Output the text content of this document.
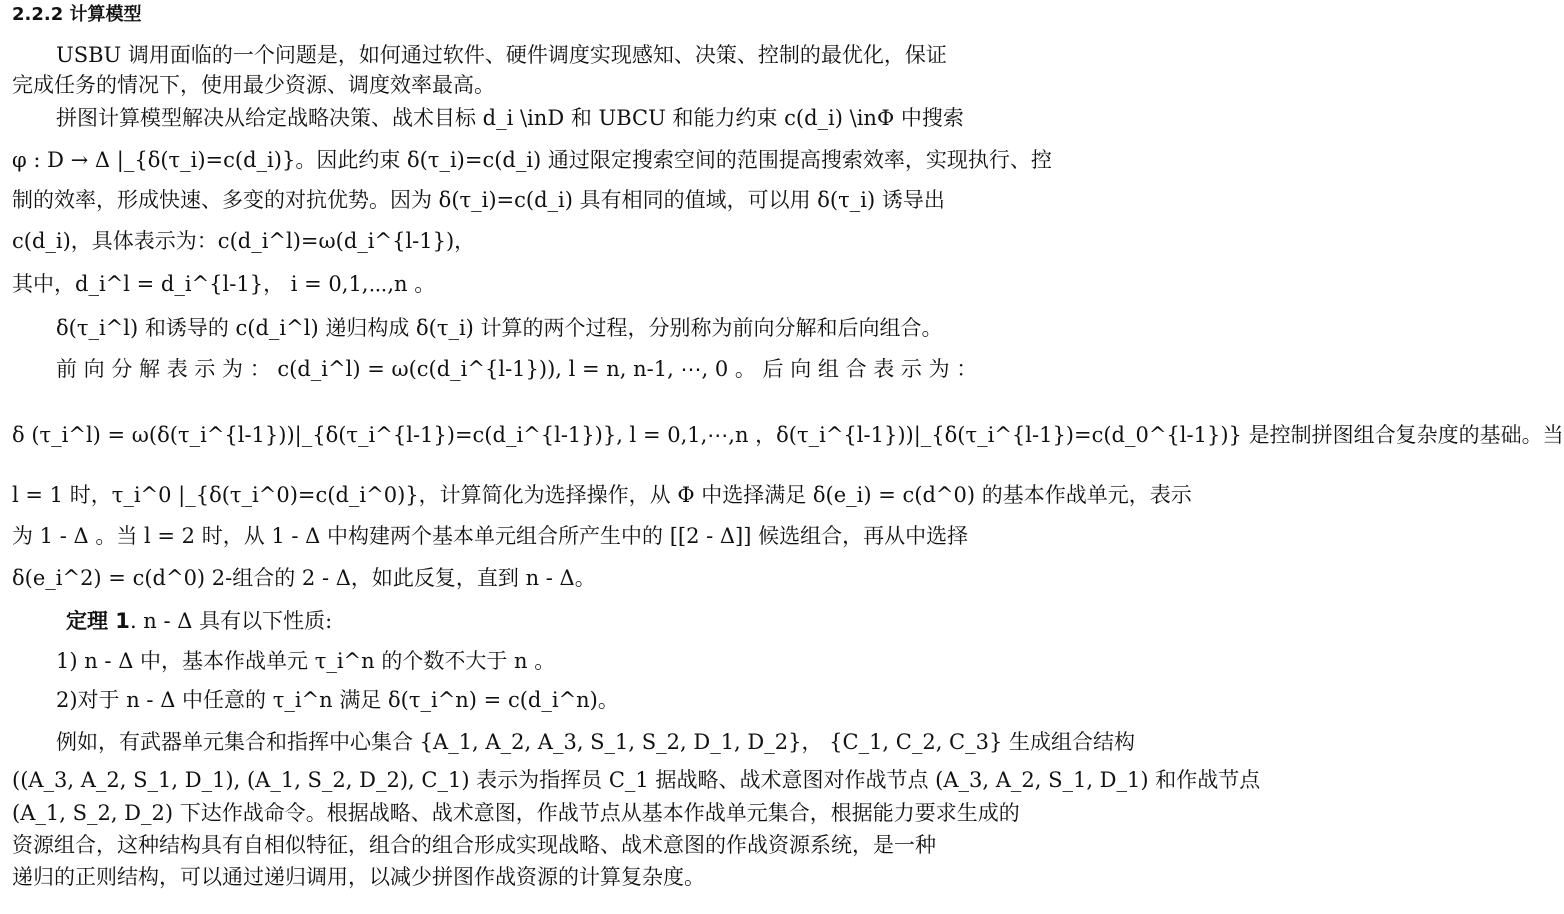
2.2.2 计算模型
USBU 调用面临的一个问题是，如何通过软件、硬件调度实现感知、决策、控制的最优化，保证
完成任务的情况下，使用最少资源、调度效率最高。
拼图计算模型解决从给定战略决策、战术目标 d_i \inD 和 UBCU 和能力约束 c(d_i) \inΦ 中搜索
φ : D → Δ |_{δ(τ_i)=c(d_i)}。因此约束 δ(τ_i)=c(d_i) 通过限定搜索空间的范围提高搜索效率，实现执行、控
制的效率，形成快速、多变的对抗优势。因为 δ(τ_i)=c(d_i) 具有相同的值域，可以用 δ(τ_i) 诱导出
c(d_i)，具体表示为：c(d_i^l)=ω(d_i^{l-1})，
其中，d_i^l = d_i^{l-1}， i = 0,1,⋯,n 。
δ(τ_i^l) 和诱导的 c(d_i^l) 递归构成 δ(τ_i) 计算的两个过程，分别称为前向分解和后向组合。
前 向 分 解 表 示 为 ： c(d_i^l) = ω(c(d_i^{l-1})), l = n, n-1, ⋯, 0 。 后 向 组 合 表 示 为 ：
δ (τ_i^l) = ω(δ(τ_i^{l-1}))|_{δ(τ_i^{l-1})=c(d_i^{l-1})}, l = 0,1,⋯,n ，δ(τ_i^{l-1}))|_{δ(τ_i^{l-1})=c(d_0^{l-1})} 是控制拼图组合复杂度的基础。当
l = 1 时，τ_i^0 |_{δ(τ_i^0)=c(d_i^0)}，计算简化为选择操作，从 Φ 中选择满足 δ(e_i) = c(d^0) 的基本作战单元，表示
为 1 - Δ 。当 l = 2 时，从 1 - Δ 中构建两个基本单元组合所产生中的 [[2 - Δ]] 候选组合，再从中选择
δ(e_i^2) = c(d^0) 2-组合的 2 - Δ，如此反复，直到 n - Δ。
定理 1. n - Δ 具有以下性质:
1) n - Δ 中，基本作战单元 τ_i^n 的个数不大于 n 。
2)对于 n - Δ 中任意的 τ_i^n 满足 δ(τ_i^n) = c(d_i^n)。
例如，有武器单元集合和指挥中心集合 {A_1, A_2, A_3, S_1, S_2, D_1, D_2}， {C_1, C_2, C_3} 生成组合结构
((A_3, A_2, S_1, D_1), (A_1, S_2, D_2), C_1) 表示为指挥员 C_1 据战略、战术意图对作战节点 (A_3, A_2, S_1, D_1) 和作战节点
(A_1, S_2, D_2) 下达作战命令。根据战略、战术意图，作战节点从基本作战单元集合，根据能力要求生成的
资源组合，这种结构具有自相似特征，组合的组合形成实现战略、战术意图的作战资源系统，是一种
递归的正则结构，可以通过递归调用，以减少拼图作战资源的计算复杂度。
